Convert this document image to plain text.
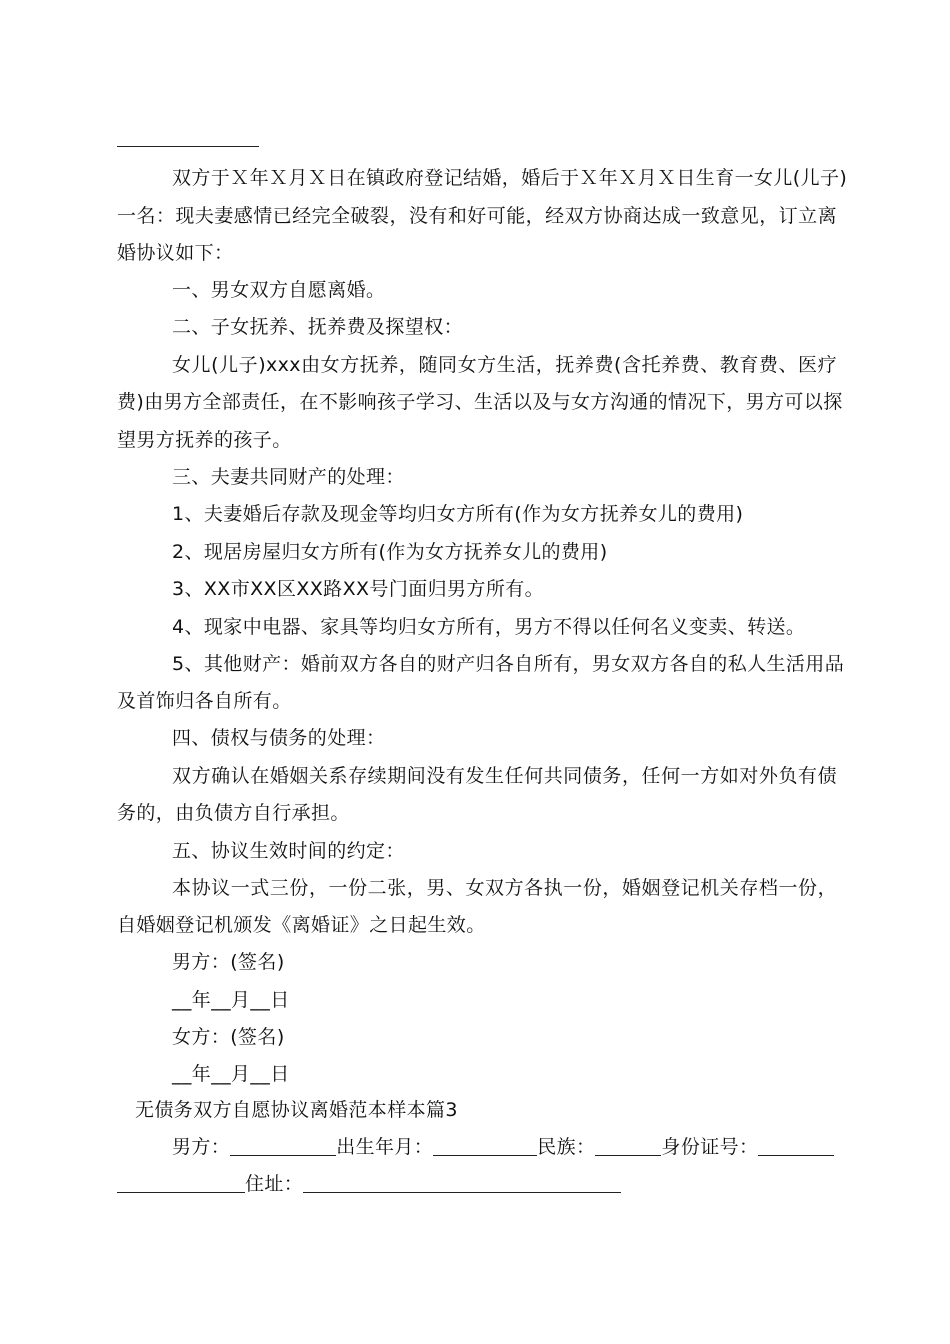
双方于Ｘ年Ｘ月Ｘ日在镇政府登记结婚，婚后于Ｘ年Ｘ月Ｘ日生育一女儿(儿子)
一名：现夫妻感情已经完全破裂，没有和好可能，经双方协商达成一致意见，订立离
婚协议如下：
一、男女双方自愿离婚。
二、子女抚养、抚养费及探望权：
女儿(儿子)xxx由女方抚养，随同女方生活，抚养费(含托养费、教育费、医疗
费)由男方全部责任，在不影响孩子学习、生活以及与女方沟通的情况下，男方可以探
望男方抚养的孩子。
三、夫妻共同财产的处理：
1、夫妻婚后存款及现金等均归女方所有(作为女方抚养女儿的费用)
2、现居房屋归女方所有(作为女方抚养女儿的费用)
3、XX市XX区XX路XX号门面归男方所有。
4、现家中电器、家具等均归女方所有，男方不得以任何名义变卖、转送。
5、其他财产：婚前双方各自的财产归各自所有，男女双方各自的私人生活用品
及首饰归各自所有。
四、债权与债务的处理：
双方确认在婚姻关系存续期间没有发生任何共同债务，任何一方如对外负有债
务的，由负债方自行承担。
五、协议生效时间的约定：
本协议一式三份，一份二张，男、女双方各执一份，婚姻登记机关存档一份，
自婚姻登记机颁发《离婚证》之日起生效。
男方：(签名)
__年__月__日
女方：(签名)
__年__月__日
无债务双方自愿协议离婚范本样本篇3
男方：	出生年月：	民族：	身份证号：
住址：
